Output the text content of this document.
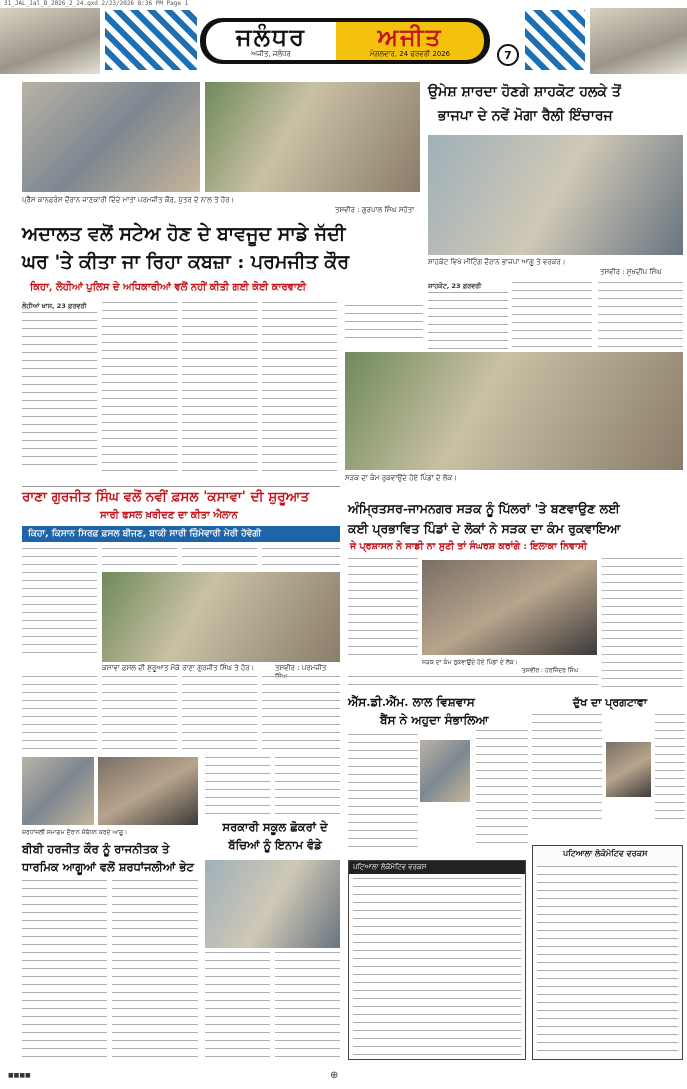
31_JAL_Jal_B_2026_2_24.qxd 2/23/2026 8:36 PM Page 1
ਜਲੰਧਰ
ਅਜੀਤ, ਜਲੰਧਰ
ਅਜੀਤ
ਮੰਗਲਵਾਰ, 24 ਫਰਵਰੀ 2026	7
ਪ੍ਰੈੱਸ ਕਾਨਫ਼ਰੰਸ ਦੌਰਾਨ ਜਾਣਕਾਰੀ ਦਿੰਦੇ ਮਾਤਾ ਪਰਮਜੀਤ ਕੌਰ, ਪੁੱਤਰ ਦੇ ਨਾਲ ਤੇ ਹੋਰ।
ਤਸਵੀਰ : ਗੁਰਪਾਲ ਸਿੰਘ ਸਹੋਤਾ
ਅਦਾਲਤ ਵਲੋਂ ਸਟੇਅ ਹੋਣ ਦੇ ਬਾਵਜੂਦ ਸਾਡੇ ਜੱਦੀ
ਘਰ 'ਤੇ ਕੀਤਾ ਜਾ ਰਿਹਾ ਕਬਜ਼ਾ : ਪਰਮਜੀਤ ਕੌਰ
ਕਿਹਾ, ਲੋਹੀਆਂ ਪੁਲਿਸ ਦੇ ਅਧਿਕਾਰੀਆਂ ਵਲੋਂ ਨਹੀਂ ਕੀਤੀ ਗਈ ਕੋਈ ਕਾਰਵਾਈ
ਲੋਹੀਆਂ ਖ਼ਾਸ, 23 ਫ਼ਰਵਰੀ
ਉਮੇਸ਼ ਸ਼ਾਰਦਾ ਹੋਣਗੇ ਸ਼ਾਹਕੋਟ ਹਲਕੇ ਤੋਂ
ਭਾਜਪਾ ਦੇ ਨਵੇਂ ਮੋਗਾ ਰੈਲੀ ਇੰਚਾਰਜ
ਸ਼ਾਹਕੋਟ ਵਿਖੇ ਮੀਟਿੰਗ ਦੌਰਾਨ ਭਾਜਪਾ ਆਗੂ ਤੇ ਵਰਕਰ।
ਤਸਵੀਰ : ਸੁਖਦੀਪ ਸਿੰਘ
ਸ਼ਾਹਕੋਟ, 23 ਫ਼ਰਵਰੀ
ਸੜਕ ਦਾ ਕੰਮ ਰੁਕਵਾਉਂਦੇ ਹੋਏ ਪਿੰਡਾਂ ਦੇ ਲੋਕ।
ਰਾਣਾ ਗੁਰਜੀਤ ਸਿੰਘ ਵਲੋਂ ਨਵੀਂ ਫ਼ਸਲ 'ਕਸਾਵਾ' ਦੀ ਸ਼ੁਰੂਆਤ
ਸਾਰੀ ਫਸਲ ਖ਼ਰੀਦਣ ਦਾ ਕੀਤਾ ਐਲਾਨ
ਕਿਹਾ, ਕਿਸਾਨ ਸਿਰਫ਼ ਫ਼ਸਲ ਬੀਜਣ, ਬਾਕੀ ਸਾਰੀ ਜ਼ਿੰਮੇਵਾਰੀ ਮੇਰੀ ਹੋਵੇਗੀ
ਕਸਾਵਾ ਫ਼ਸਲ ਦੀ ਸ਼ੁਰੂਆਤ ਮੌਕੇ ਰਾਣਾ ਗੁਰਜੀਤ ਸਿੰਘ ਤੇ ਹੋਰ।	ਤਸਵੀਰ : ਪਰਮਜੀਤ
ਅੰਮ੍ਰਿਤਸਰ-ਜਾਮਨਗਰ ਸੜਕ ਨੂੰ ਪਿੱਲਰਾਂ 'ਤੇ ਬਣਵਾਉਣ ਲਈ
ਕਈ ਪ੍ਰਭਾਵਿਤ ਪਿੰਡਾਂ ਦੇ ਲੋਕਾਂ ਨੇ ਸੜਕ ਦਾ ਕੰਮ ਰੁਕਵਾਇਆ
ਜੇ ਪ੍ਰਸ਼ਾਸਨ ਨੇ ਸਾਡੀ ਨਾ ਸੁਣੀ ਤਾਂ ਸੰਘਰਸ਼ ਕਰਾਂਗੇ : ਇਲਾਕਾ ਨਿਵਾਸੀ
ਸੜਕ ਦਾ ਕੰਮ ਰੁਕਵਾਉਂਦੇ ਹੋਏ ਪਿੰਡਾਂ ਦੇ ਲੋਕ।
ਤਸਵੀਰ : ਹਰਜਿੰਦਰ ਸਿੰਘ
ਐੱਸ.ਡੀ.ਐੱਮ. ਲਾਲ ਵਿਸ਼ਵਾਸ
ਬੈਂਸ ਨੇ ਅਹੁਦਾ ਸੰਭਾਲਿਆ
ਦੁੱਖ ਦਾ ਪ੍ਰਗਟਾਵਾ
ਸ਼ਰਧਾਂਜਲੀ ਸਮਾਗਮ ਦੌਰਾਨ ਸੰਬੋਧਨ ਕਰਦੇ ਆਗੂ।
ਬੀਬੀ ਹਰਜੀਤ ਕੌਰ ਨੂੰ ਰਾਜਨੀਤਕ ਤੇ
ਧਾਰਮਿਕ ਆਗੂਆਂ ਵਲੋਂ ਸ਼ਰਧਾਂਜਲੀਆਂ ਭੇਟ
ਸਰਕਾਰੀ ਸਕੂਲ ਛੋਕਰਾਂ ਦੇ
ਬੱਚਿਆਂ ਨੂੰ ਇਨਾਮ ਵੰਡੇ
ਪਟਿਆਲਾ ਲੋਕੋਮੋਟਿਵ ਵਰਕਸ
ਪਟਿਆਲਾ ਲੋਕੋਮੋਟਿਵ ਵਰਕਸ
⊕
■■■■
